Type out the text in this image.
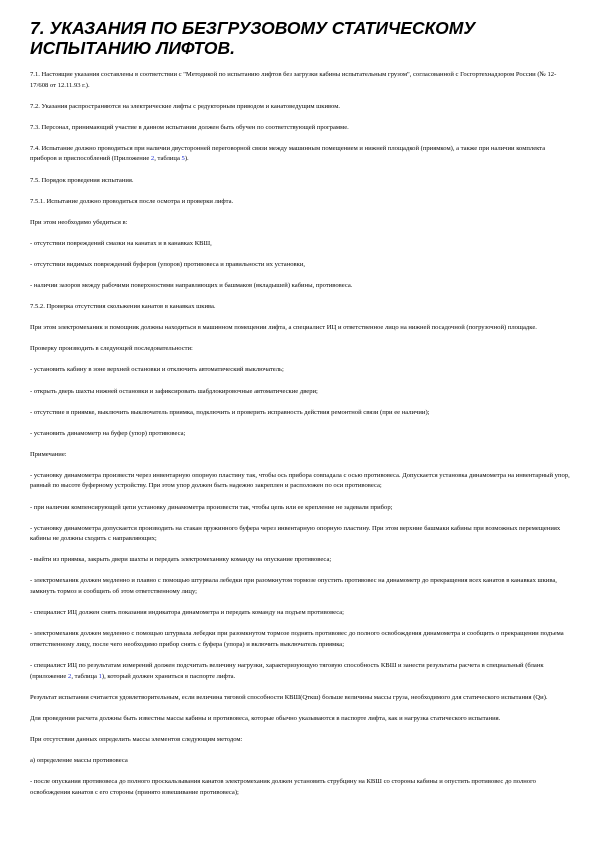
7. УКАЗАНИЯ ПО БЕЗГРУЗОВОМУ СТАТИЧЕСКОМУ ИСПЫТАНИЮ ЛИФТОВ.

7.1. Настоящие указания составлены в соответствии с "Методикой по испытанию лифтов без загрузки кабины испытательным грузом", согласованной с Госгортехнадзором России (№ 12-17/608 от 12.11.93 г.).

7.2. Указания распространяются на электрические лифты с редукторным приводом и канатоведущим шкивом.

7.3. Персонал, принимающий участие в данном испытании должен быть обучен по соответствующей программе.

7.4. Испытание должно проводиться при наличии двусторонней переговорной связи между машинным помещением и нижней площадкой (приямком), а также при наличии комплекта приборов и приспособлений (Приложение 2, таблица 5).

7.5. Порядок проведения испытания.

7.5.1. Испытание должно проводиться после осмотра и проверки лифта.

При этом необходимо убедиться в:

- отсутствии повреждений смазки на канатах и в канавках КВШ,

- отсутствии видимых повреждений буферов (упоров) противовеса и правильности их установки,

- наличии зазоров между рабочими поверхностями направляющих и башмаков (вкладышей) кабины, противовеса.

7.5.2. Проверка отсутствия скольжения канатов в канавках шкива.

При этом электромеханик и помощник должны находиться в машинном помещении лифта, а специалист ИЦ и ответственное лицо на нижней посадочной (погрузочной) площадке.

Проверку производить в следующей последовательности:

- установить кабину в зоне верхней остановки и отключить автоматический выключатель;

- открыть дверь шахты нижней остановки и зафиксировать шабдлокировочные автоматические двери;

- отсутствие в приямке, выключить выключатель приямка, подключить и проверить исправность действия ремонтной связи (при ее наличии);

- установить динамометр на буфер (упор) противовеса;

Примечание:

- установку динамометра произвести через инвентарную опорную пластину так, чтобы ось прибора совпадала с осью противовеса. Допускается установка динамометра на инвентарный упор, равный по высоте буферному устройству. При этом упор должен быть надежно закреплен и расположен по оси противовеса;

- при наличии компенсирующей цепи установку динамометра произвести так, чтобы цепь или ее крепление не задевали прибор;

- установку динамометра допускается производить на стакан пружинного буфера через инвентарную опорную пластину. При этом верхние башмаки кабины при возможных перемещениях кабины не должны сходить с направляющих;

- выйти из приямка, закрыть двери шахты и передать электромеханику команду на опускание противовеса;

- электромеханик должен медленно и плавно с помощью штурвала лебедки при разомкнутом тормозе опустить противовес на динамометр до прекращения всех канатов в канавках шкива, замкнуть тормоз и сообщить об этом ответственному лицу;

- специалист ИЦ должен снять показания индикатора динамометра и передать команду на подъем противовеса;

- электромеханик должен медленно с помощью штурвала лебедки при разомкнутом тормозе поднять противовес до полного освобождения динамометра и сообщить о прекращении подъема ответственному лицу, после чего необходимо прибор снять с буфера (упора) и включить выключатель приямка;

- специалист ИЦ по результатам измерений должен подсчитать величину нагрузки, характеризующую тяговую способность КВШ и занести результаты расчета в специальный (бланк (приложение 2, таблица 1), который должен храниться в паспорте лифта.

Результат испытания считается удовлетворительным, если величина тяговой способности КВШ(Qткш) больше величины массы груза, необходимого для статического испытания (Qи).

Для проведения расчета должны быть известны массы кабины и противовеса, которые обычно указываются в паспорте лифта, как и нагрузка статического испытания.

При отсутствии данных определить массы элементов следующим методом:

а) определение массы противовеса

- после опускания противовеса до полного проскальзывания канатов электромеханик должен установить струбцину на КВШ со стороны кабины и опустить противовес до полного освобождения канатов с его стороны (принято взвешивание противовеса);
